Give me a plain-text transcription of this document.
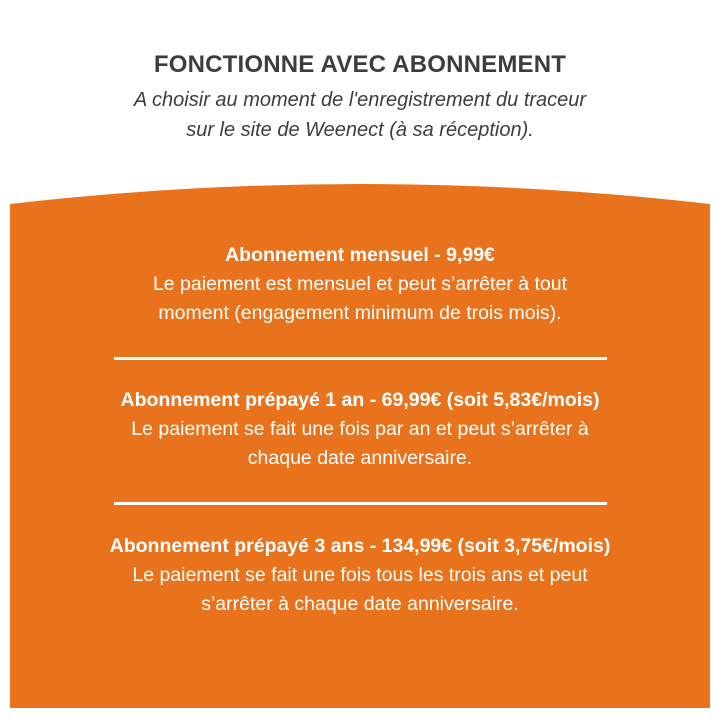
FONCTIONNE AVEC ABONNEMENT
A choisir au moment de l'enregistrement du traceur
sur le site de Weenect (à sa réception).
Abonnement mensuel - 9,99€
Le paiement est mensuel et peut s’arrêter à tout
moment (engagement minimum de trois mois).
Abonnement prépayé 1 an - 69,99€ (soit 5,83€/mois)
Le paiement se fait une fois par an et peut s’arrêter à
chaque date anniversaire.
Abonnement prépayé 3 ans - 134,99€ (soit 3,75€/mois)
Le paiement se fait une fois tous les trois ans et peut
s’arrêter à chaque date anniversaire.
